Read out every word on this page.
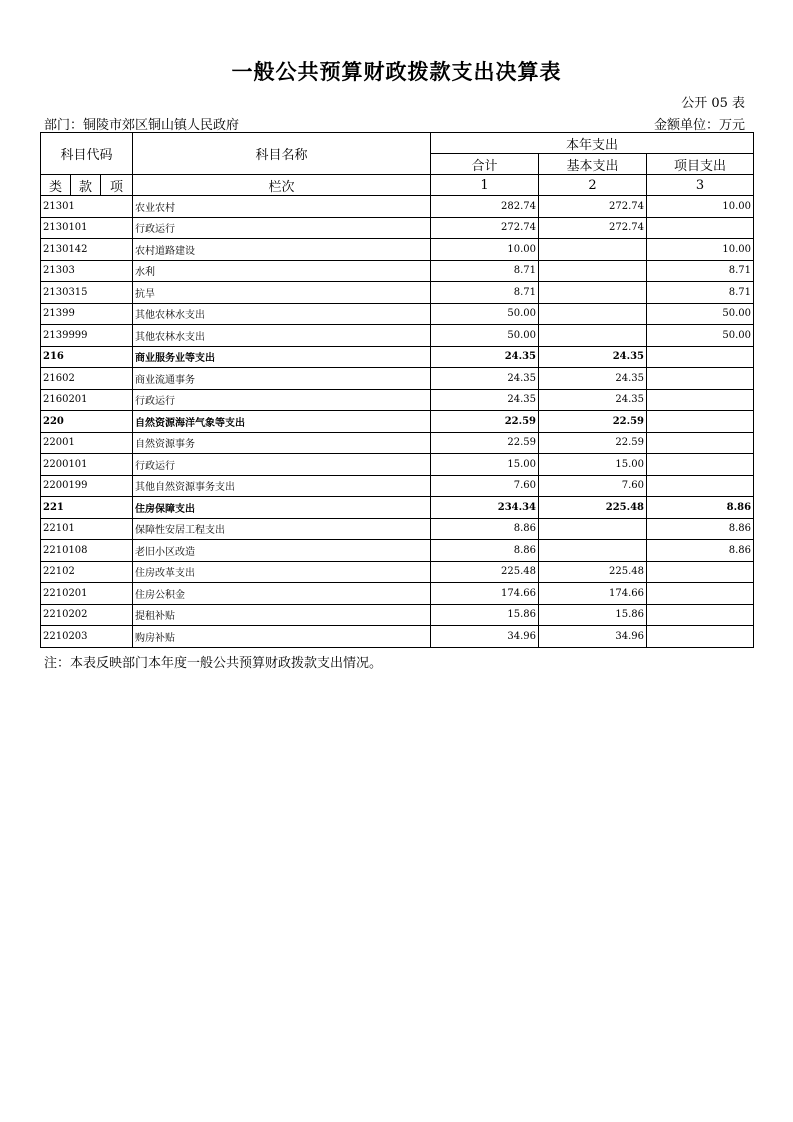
一般公共预算财政拨款支出决算表
公开 05 表
部门：铜陵市郊区铜山镇人民政府	金额单位：万元
科目代码			科目名称	本年支出		
				合计	基本支出	项目支出
类	款	项	栏次	1	2	3
21301			农业农村	282.74	272.74	10.00
2130101			行政运行	272.74	272.74	
2130142			农村道路建设	10.00		10.00
21303			水利	8.71		8.71
2130315			抗旱	8.71		8.71
21399			其他农林水支出	50.00		50.00
2139999			其他农林水支出	50.00		50.00
216			商业服务业等支出	24.35	24.35	
21602			商业流通事务	24.35	24.35	
2160201			行政运行	24.35	24.35	
220			自然资源海洋气象等支出	22.59	22.59	
22001			自然资源事务	22.59	22.59	
2200101			行政运行	15.00	15.00	
2200199			其他自然资源事务支出	7.60	7.60	
221			住房保障支出	234.34	225.48	8.86
22101			保障性安居工程支出	8.86		8.86
2210108			老旧小区改造	8.86		8.86
22102			住房改革支出	225.48	225.48	
2210201			住房公积金	174.66	174.66	
2210202			提租补贴	15.86	15.86	
2210203			购房补贴	34.96	34.96	
注：本表反映部门本年度一般公共预算财政拨款支出情况。
